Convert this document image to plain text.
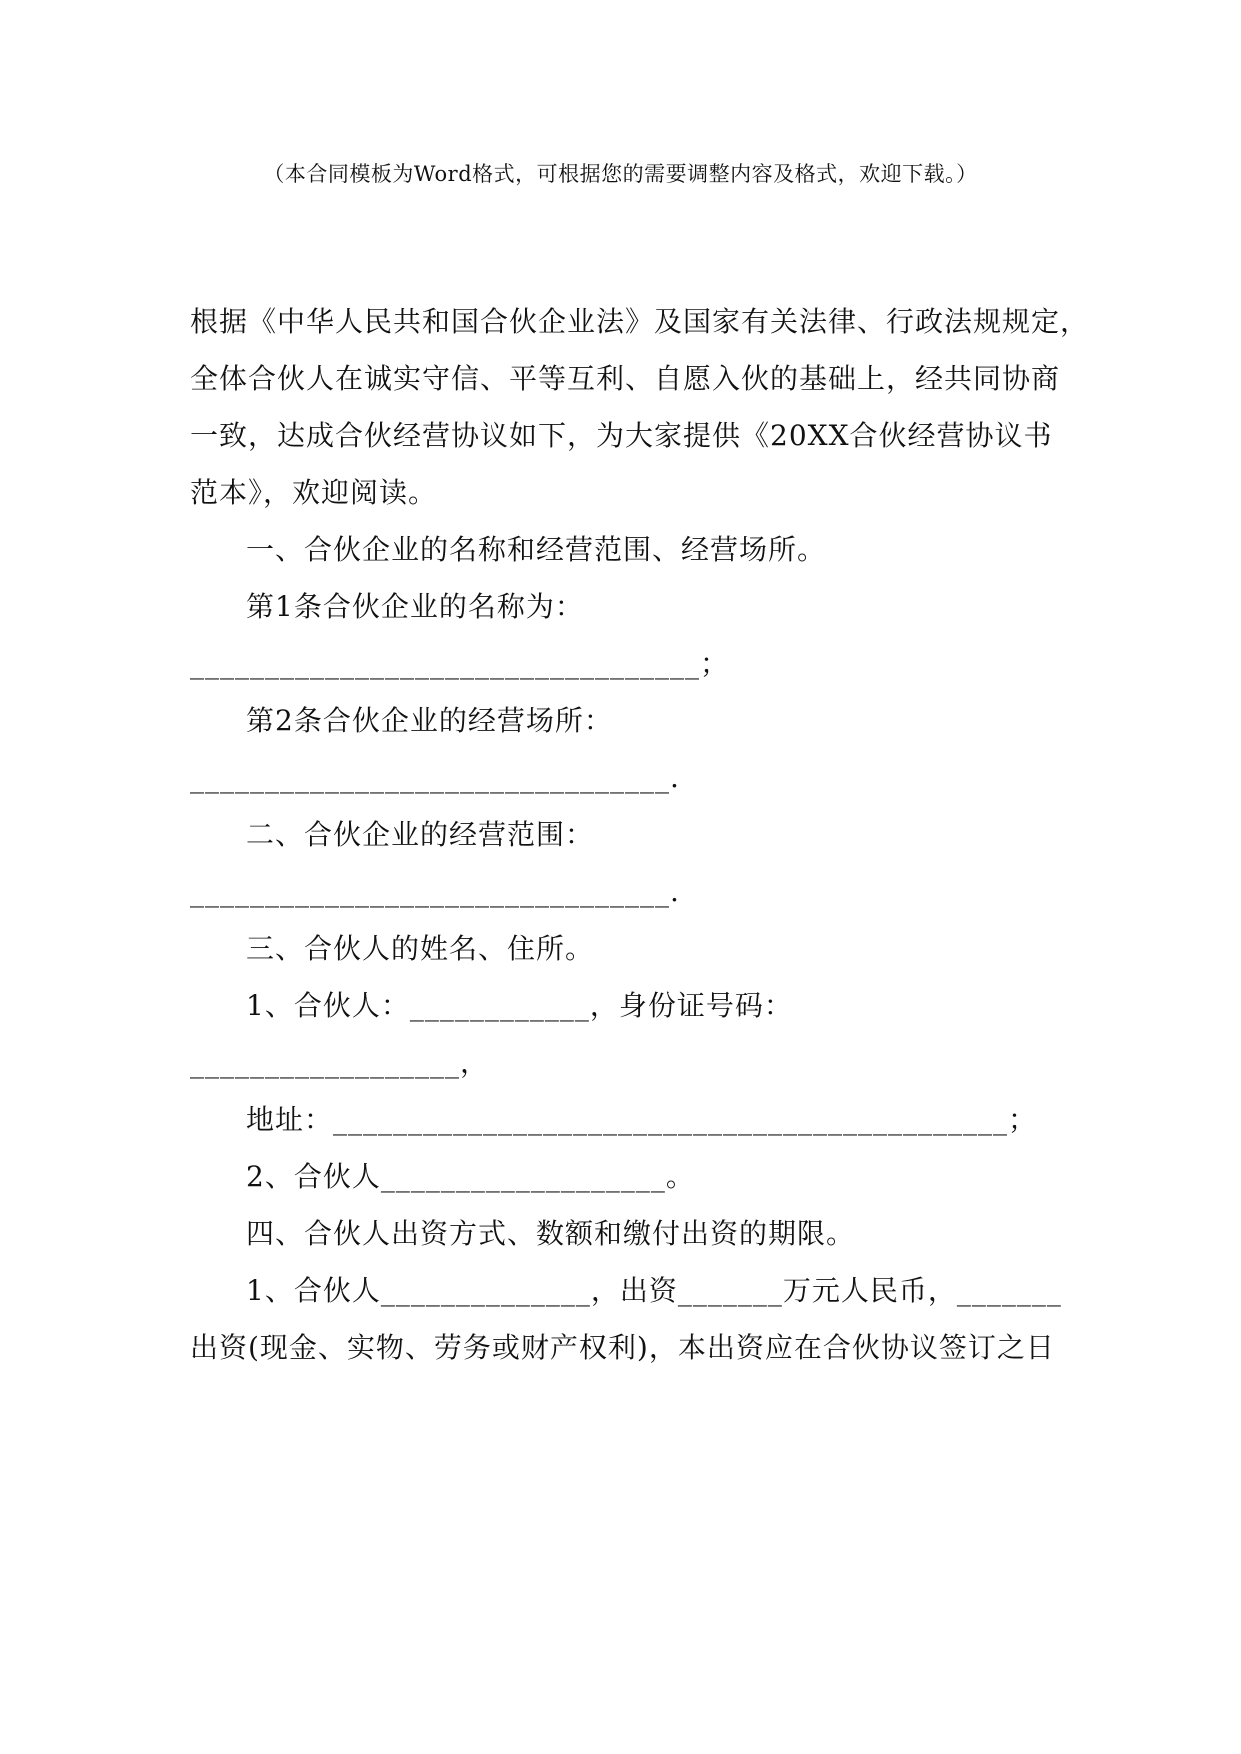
（本合同模板为Word格式，可根据您的需要调整内容及格式，欢迎下载。）
根据《中华人民共和国合伙企业法》及国家有关法律、行政法规规定，
全体合伙人在诚实守信、平等互利、自愿入伙的基础上，经共同协商
一致，达成合伙经营协议如下，为大家提供《20XX合伙经营协议书
范本》，欢迎阅读。
一、合伙企业的名称和经营范围、经营场所。
第1条合伙企业的名称为：
__________________________________；
第2条合伙企业的经营场所：
________________________________.
二、合伙企业的经营范围：
________________________________.
三、合伙人的姓名、住所。
1、合伙人：____________，身份证号码：
__________________，
地址：_____________________________________________；
2、合伙人___________________。
四、合伙人出资方式、数额和缴付出资的期限。
1、合伙人______________，出资_______万元人民币，_______
出资(现金、实物、劳务或财产权利)，本出资应在合伙协议签订之日
